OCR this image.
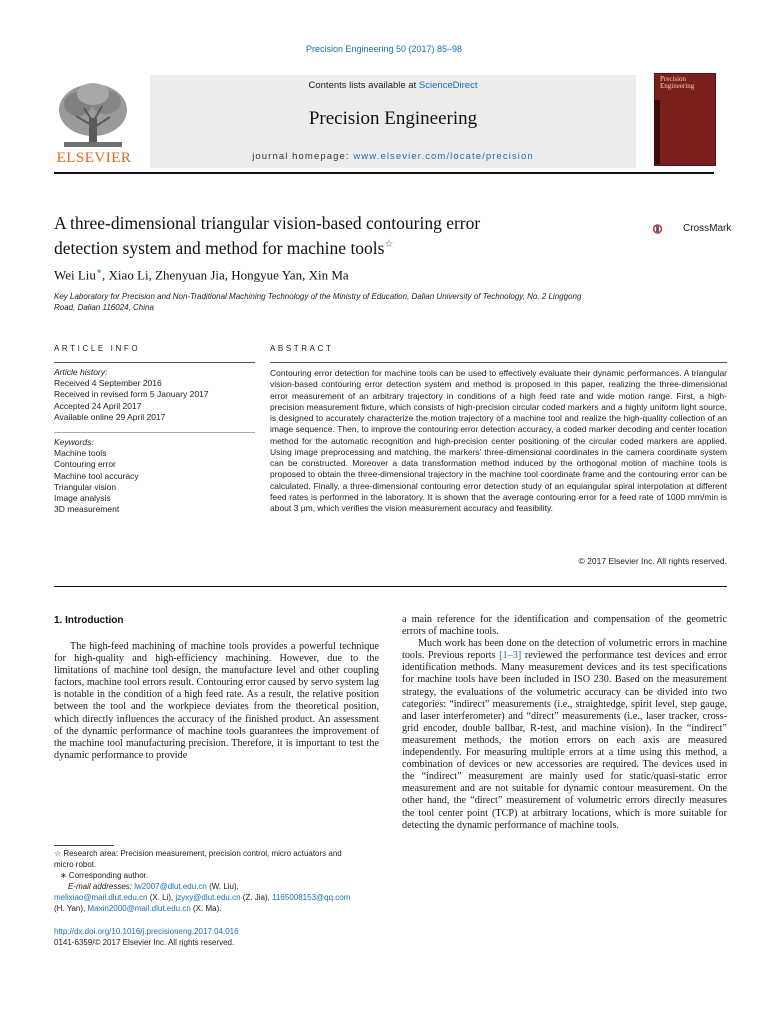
Precision Engineering 50 (2017) 85–98
Contents lists available at ScienceDirect
Precision Engineering
journal homepage: www.elsevier.com/locate/precision
ELSEVIER
Precision Engineering
A three-dimensional triangular vision-based contouring error
detection system and method for machine tools☆
CrossMark
Wei Liu∗, Xiao Li, Zhenyuan Jia, Hongyue Yan, Xin Ma
Key Laboratory for Precision and Non-Traditional Machining Technology of the Ministry of Education, Dalian University of Technology, No. 2 Linggong
Road, Dalian 116024, China
ARTICLE INFO
Article history:
Received 4 September 2016
Received in revised form 5 January 2017
Accepted 24 April 2017
Available online 29 April 2017
Keywords:
Machine tools
Contouring error
Machine tool accuracy
Triangular vision
Image analysis
3D measurement
ABSTRACT
Contouring error detection for machine tools can be used to effectively evaluate their dynamic performances. A triangular vision-based contouring error detection system and method is proposed in this paper, realizing the three-dimensional error measurement of an arbitrary trajectory in conditions of a high feed rate and wide motion range. First, a high-precision measurement fixture, which consists of high-precision circular coded markers and a highly uniform light source, is designed to accurately characterize the motion trajectory of a machine tool and realize the high-quality collection of an image sequence. Then, to improve the contouring error detection accuracy, a coded marker decoding and center location method for the automatic recognition and high-precision center positioning of the circular coded markers are applied. Using image preprocessing and matching, the markers' three-dimensional coordinates in the camera coordinate system can be constructed. Moreover a data transformation method induced by the orthogonal motion of machine tools is proposed to obtain the three-dimensional trajectory in the machine tool coordinate frame and the contouring error can be calculated. Finally, a three-dimensional contouring error detection study of an equiangular spiral interpolation at different feed rates is performed in the laboratory. It is shown that the average contouring error for a feed rate of 1000 mm/min is about 3 μm, which verifies the vision measurement accuracy and feasibility.
© 2017 Elsevier Inc. All rights reserved.
1. Introduction

The high-feed machining of machine tools provides a powerful technique for high-quality and high-efficiency machining. However, due to the limitations of machine tool design, the manufacture level and other coupling factors, machine tool errors result. Contouring error caused by servo system lag is notable in the condition of a high feed rate. As a result, the relative position between the tool and the workpiece deviates from the theoretical position, which directly influences the accuracy of the finished product. An assessment of the dynamic performance of machine tools guarantees the improvement of the machine tool manufacturing precision. Therefore, it is important to test the dynamic performance to provide

a main reference for the identification and compensation of the geometric errors of machine tools.

Much work has been done on the detection of volumetric errors in machine tools. Previous reports [1–3] reviewed the performance test devices and error identification methods. Many measurement devices and its test specifications for machine tools have been included in ISO 230. Based on the measurement strategy, the evaluations of the volumetric accuracy can be divided into two categories: “indirect” measurements (i.e., straightedge, spirit level, step gauge, and laser interferometer) and “direct” measurements (i.e., laser tracker, cross-grid encoder, double ballbar, R-test, and machine vision). In the “indirect” measurement methods, the motion errors on each axis are measured independently. For measuring multiple errors at a time using this method, a combination of devices or new accessories are required. The devices used in the “indirect” measurement are mainly used for static/quasi-static error measurement and are not suitable for dynamic contour measurement. On the other hand, the “direct” measurement of volumetric errors directly measures the tool center point (TCP) at arbitrary locations, which is more suitable for detecting the dynamic performance of machine tools.

☆ Research area: Precision measurement, precision control, micro actuators and
micro robot.
∗ Corresponding author.
E-mail addresses: lw2007@dlut.edu.cn (W. Liu),
melixiao@mail.dlut.edu.cn (X. Li), jzyxy@dlut.edu.cn (Z. Jia), 1165008153@qq.com
(H. Yan), Maxin2000@mail.dlut.edu.cn (X. Ma).
http://dx.doi.org/10.1016/j.precisioneng.2017.04.016
0141-6359/© 2017 Elsevier Inc. All rights reserved.
